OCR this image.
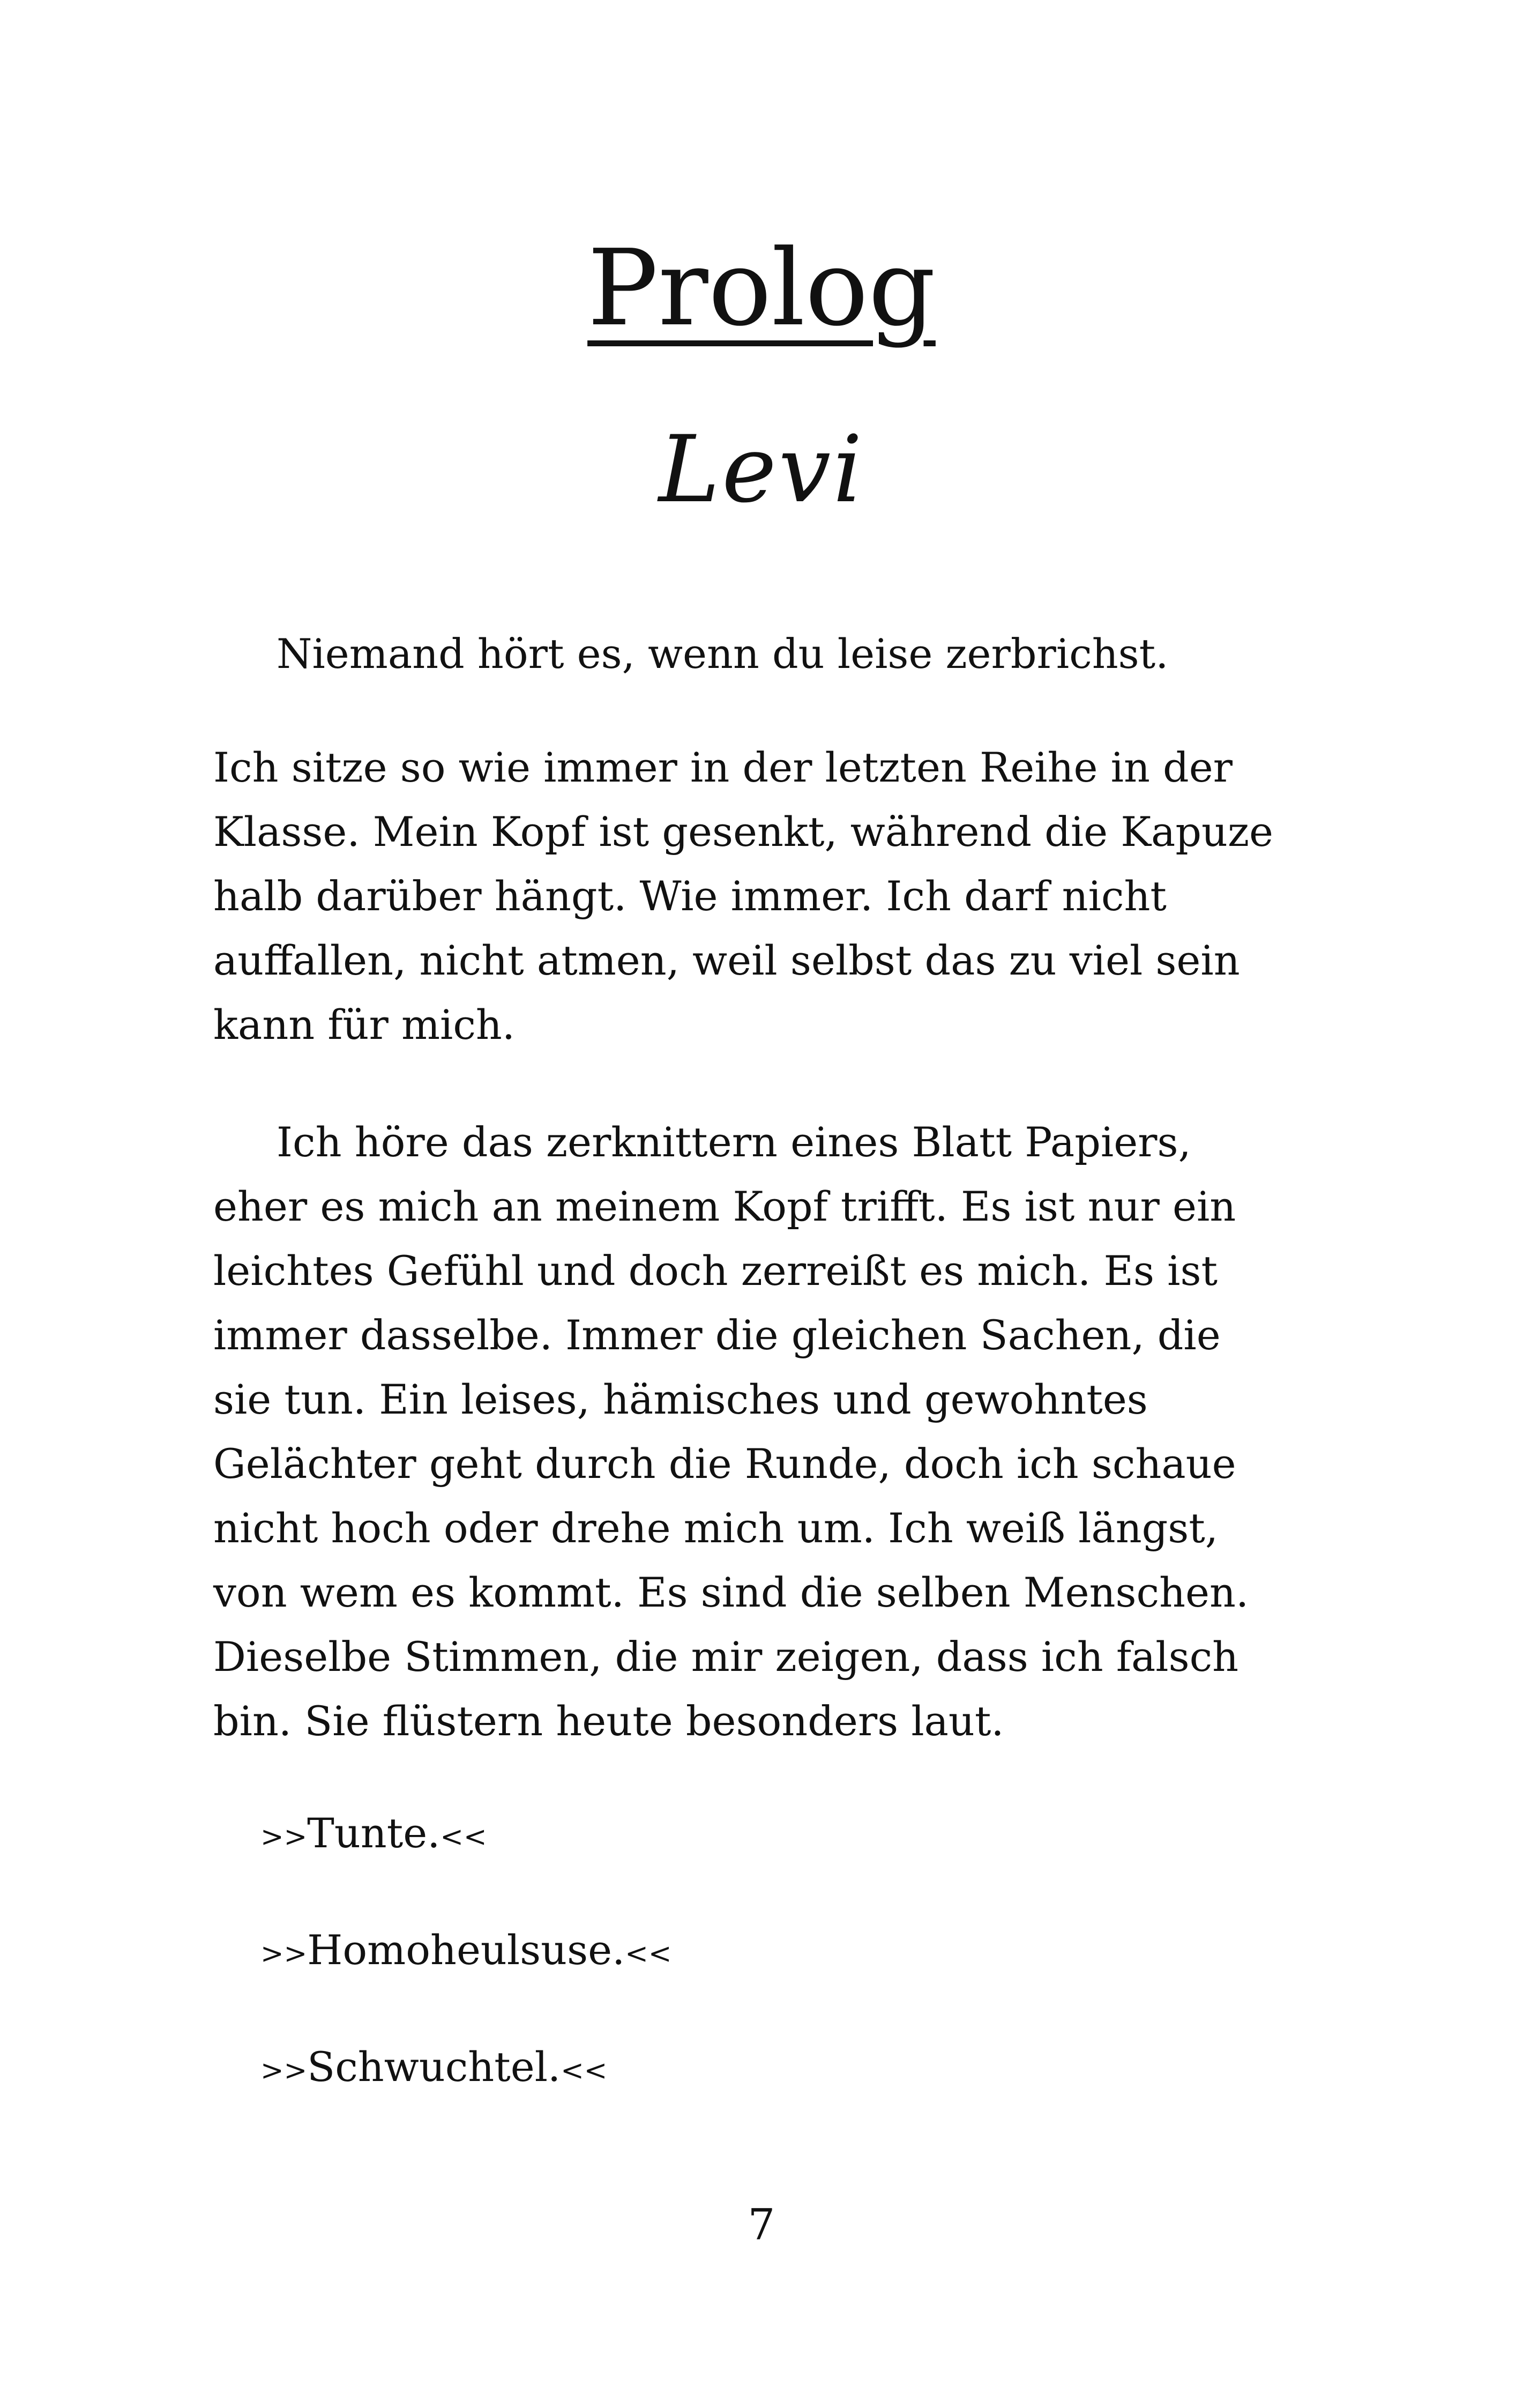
Prolog
Levi

Niemand hört es, wenn du leise zerbrichst.

Ich sitze so wie immer in der letzten Reihe in der
Klasse. Mein Kopf ist gesenkt, während die Kapuze
halb darüber hängt. Wie immer. Ich darf nicht
auffallen, nicht atmen, weil selbst das zu viel sein
kann für mich.

Ich höre das zerknittern eines Blatt Papiers,
eher es mich an meinem Kopf trifft. Es ist nur ein
leichtes Gefühl und doch zerreißt es mich. Es ist
immer dasselbe. Immer die gleichen Sachen, die
sie tun. Ein leises, hämisches und gewohntes
Gelächter geht durch die Runde, doch ich schaue
nicht hoch oder drehe mich um. Ich weiß längst,
von wem es kommt. Es sind die selben Menschen.
Dieselbe Stimmen, die mir zeigen, dass ich falsch
bin. Sie flüstern heute besonders laut.

>>Tunte.<<
>>Homoheulsuse.<<
>>Schwuchtel.<<
7
